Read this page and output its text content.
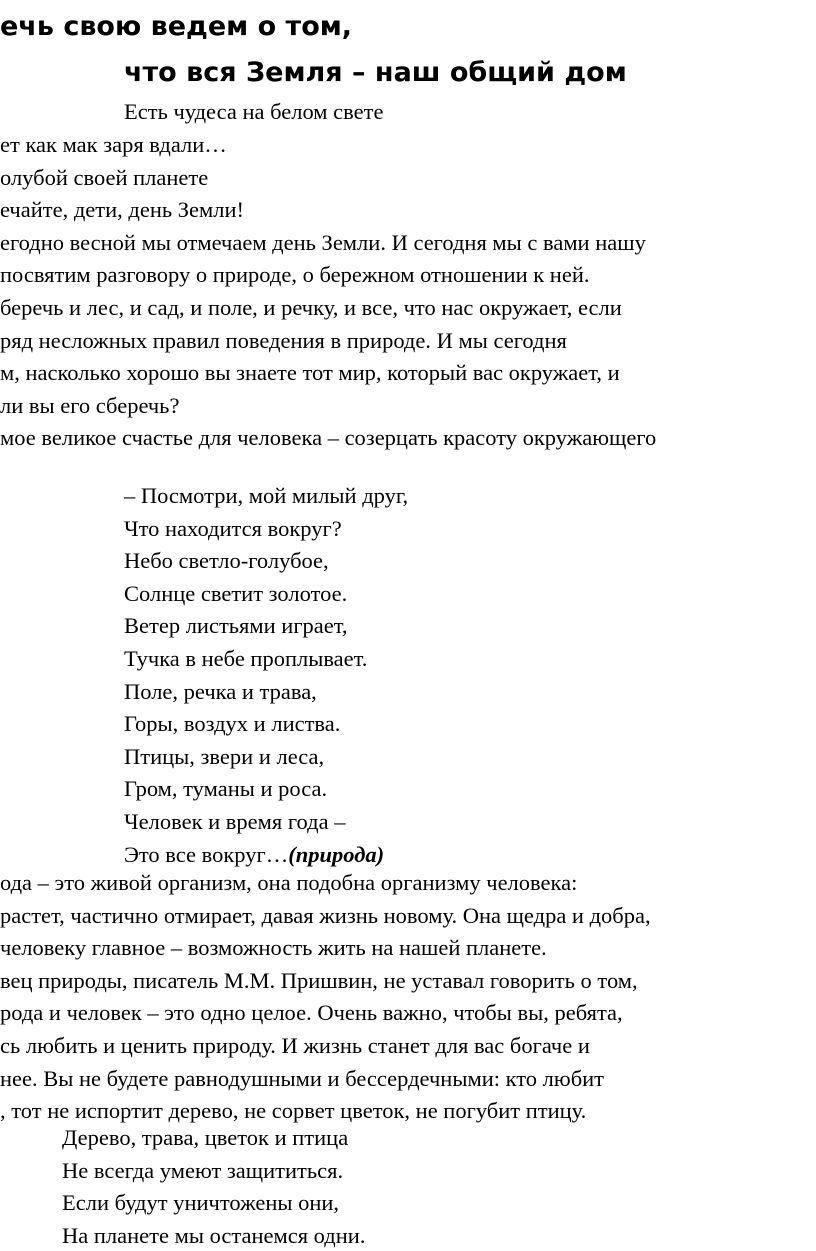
ечь свою ведем о том,
что вся Земля – наш общий дом
Есть чудеса на белом свете
ет как мак заря вдали…
олубой своей планете
ечайте, дети, день Земли!
егодно весной мы отмечаем день Земли. И сегодня мы с вами нашу
посвятим разговору о природе, о бережном отношении к ней.
беречь и лес, и сад, и поле, и речку, и все, что нас окружает, если
ряд несложных правил поведения в природе. И мы сегодня
м, насколько хорошо вы знаете тот мир, который вас окружает, и
ли вы его сберечь?
мое великое счастье для человека – созерцать красоту окружающего
– Посмотри, мой милый друг,
Что находится вокруг?
Небо светло-голубое,
Солнце светит золотое.
Ветер листьями играет,
Тучка в небе проплывает.
Поле, речка и трава,
Горы, воздух и листва.
Птицы, звери и леса,
Гром, туманы и роса.
Человек и время года –
Это все вокруг…(природа)
ода – это живой организм, она подобна организму человека:
растет, частично отмирает, давая жизнь новому. Она щедра и добра,
человеку главное – возможность жить на нашей планете.
вец природы, писатель М.М. Пришвин, не уставал говорить о том,
рода и человек – это одно целое. Очень важно, чтобы вы, ребята,
сь любить и ценить природу. И жизнь станет для вас богаче и
нее. Вы не будете равнодушными и бессердечными: кто любит
, тот не испортит дерево, не сорвет цветок, не погубит птицу.
Дерево, трава, цветок и птица
Не всегда умеют защититься.
Если будут уничтожены они,
На планете мы останемся одни.
